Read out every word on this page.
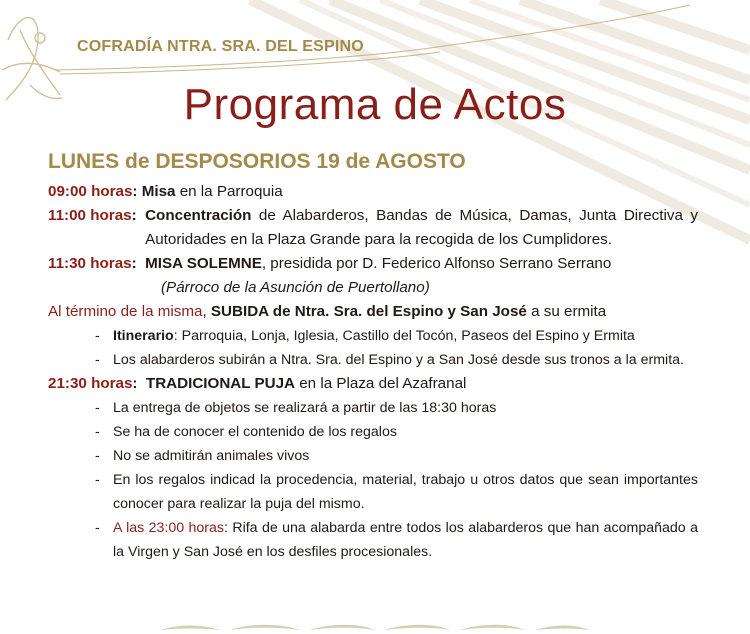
COFRADÍA NTRA. SRA. DEL ESPINO
Programa de Actos
LUNES de DESPOSORIOS 19 de AGOSTO
09:00 horas: Misa en la Parroquia
11:00 horas: Concentración de Alabarderos, Bandas de Música, Damas, Junta Directiva y Autoridades en la Plaza Grande para la recogida de los Cumplidores.
11:30 horas: MISA SOLEMNE, presidida por D. Federico Alfonso Serrano Serrano
(Párroco de la Asunción de Puertollano)
Al término de la misma, SUBIDA de Ntra. Sra. del Espino y San José a su ermita
- Itinerario: Parroquia, Lonja, Iglesia, Castillo del Tocón, Paseos del Espino y Ermita
- Los alabarderos subirán a Ntra. Sra. del Espino y a San José desde sus tronos a la ermita.
21:30 horas: TRADICIONAL PUJA en la Plaza del Azafranal
- La entrega de objetos se realizará a partir de las 18:30 horas
- Se ha de conocer el contenido de los regalos
- No se admitirán animales vivos
- En los regalos indicad la procedencia, material, trabajo u otros datos que sean importantes conocer para realizar la puja del mismo.
- A las 23:00 horas: Rifa de una alabarda entre todos los alabarderos que han acompañado a la Virgen y San José en los desfiles procesionales.
